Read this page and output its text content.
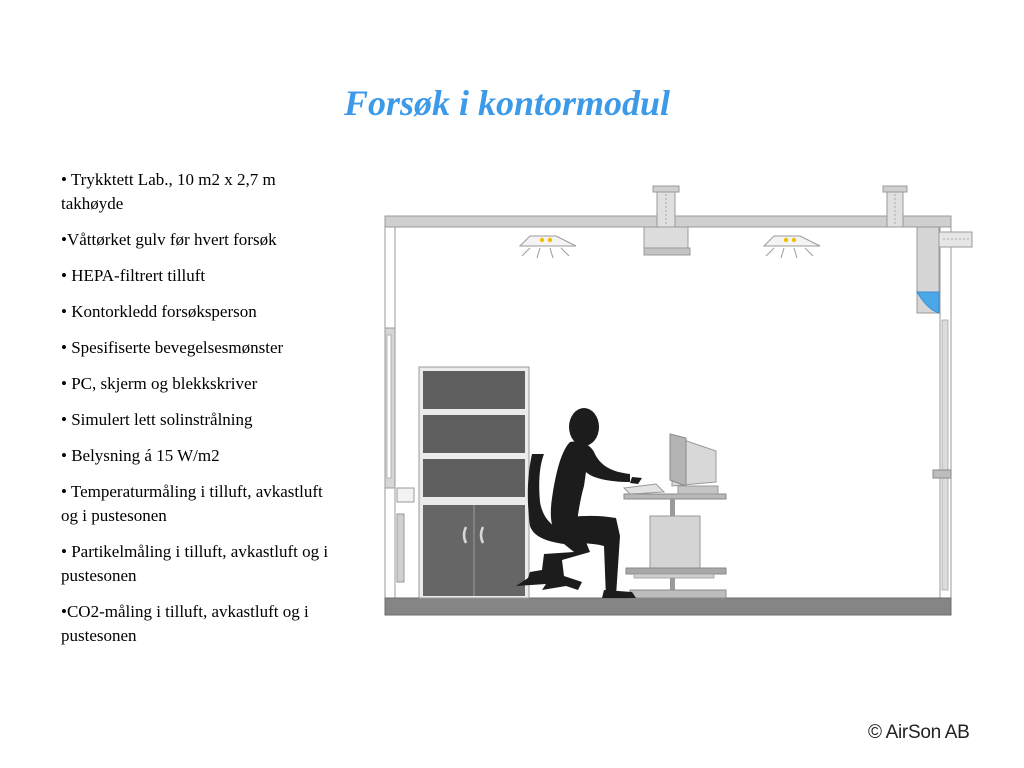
Forsøk i kontormodul
• Trykktett Lab., 10 m2 x 2,7 m takhøyde
•Våttørket gulv før hvert forsøk
• HEPA-filtrert tilluft
• Kontorkledd forsøksperson
• Spesifiserte bevegelsesmønster
• PC, skjerm og blekkskriver
• Simulert lett solinstrålning
• Belysning á 15 W/m2
• Temperaturmåling i tilluft, avkastluft og i pustesonen
• Partikelmåling i tilluft, avkastluft og i pustesonen
•CO2-måling i tilluft, avkastluft og i pustesonen
© AirSon AB
